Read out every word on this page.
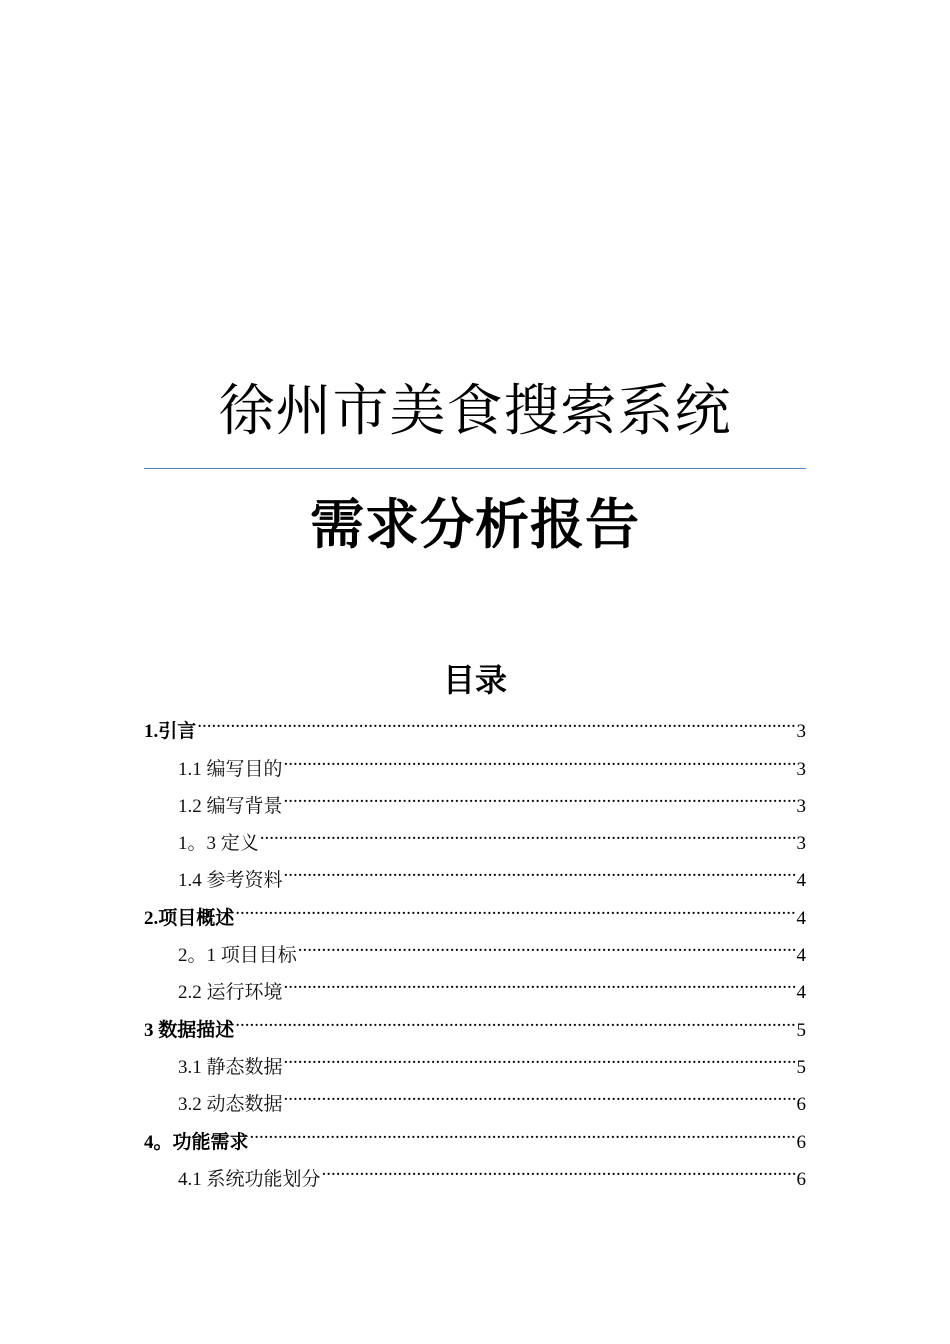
徐州市美食搜索系统
需求分析报告
目录
1.引言 .....	3
1.1 编写目的 .....	3
1.2 编写背景 .....	3
1。3 定义 .....	3
1.4 参考资料 .....	4
2.项目概述 .....	4
2。1 项目目标 .....	4
2.2 运行环境 .....	4
3 数据描述 .....	5
3.1 静态数据 .....	5
3.2 动态数据 .....	6
4。功能需求 .....	6
4.1 系统功能划分 .....	6
